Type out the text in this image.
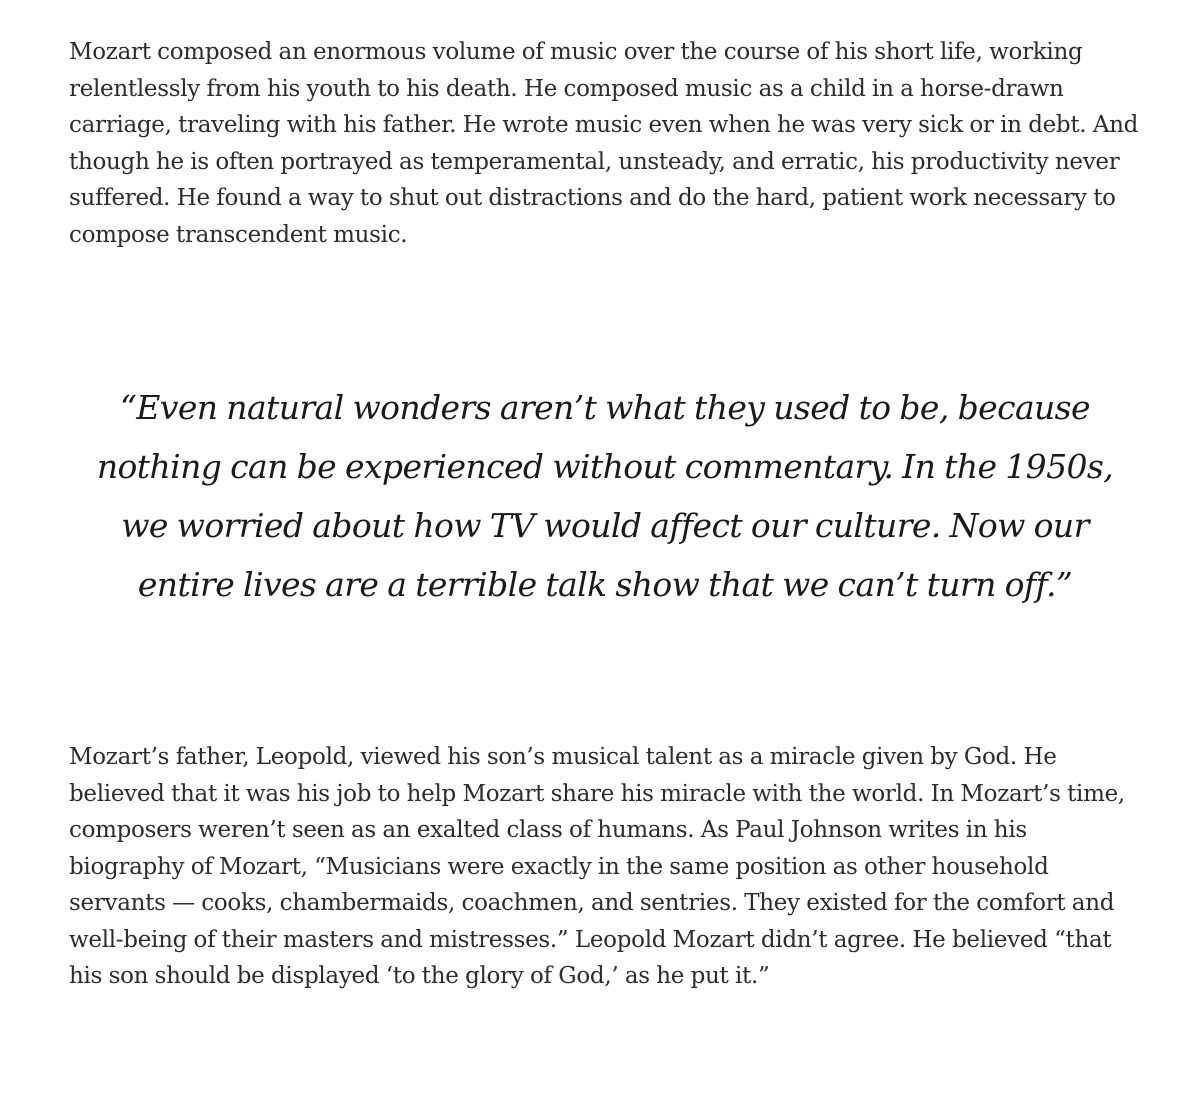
Mozart composed an enormous volume of music over the course of his short life, working relentlessly from his youth to his death. He composed music as a child in a horse-drawn carriage, traveling with his father. He wrote music even when he was very sick or in debt. And though he is often portrayed as temperamental, unsteady, and erratic, his productivity never suffered. He found a way to shut out distractions and do the hard, patient work necessary to compose transcendent music.

“Even natural wonders aren’t what they used to be, because nothing can be experienced without commentary. In the 1950s, we worried about how TV would affect our culture. Now our entire lives are a terrible talk show that we can’t turn off.”

Mozart’s father, Leopold, viewed his son’s musical talent as a miracle given by God. He believed that it was his job to help Mozart share his miracle with the world. In Mozart’s time, composers weren’t seen as an exalted class of humans. As Paul Johnson writes in his biography of Mozart, “Musicians were exactly in the same position as other household servants — cooks, chambermaids, coachmen, and sentries. They existed for the comfort and well-being of their masters and mistresses.” Leopold Mozart didn’t agree. He believed “that his son should be displayed ‘to the glory of God,’ as he put it.”
